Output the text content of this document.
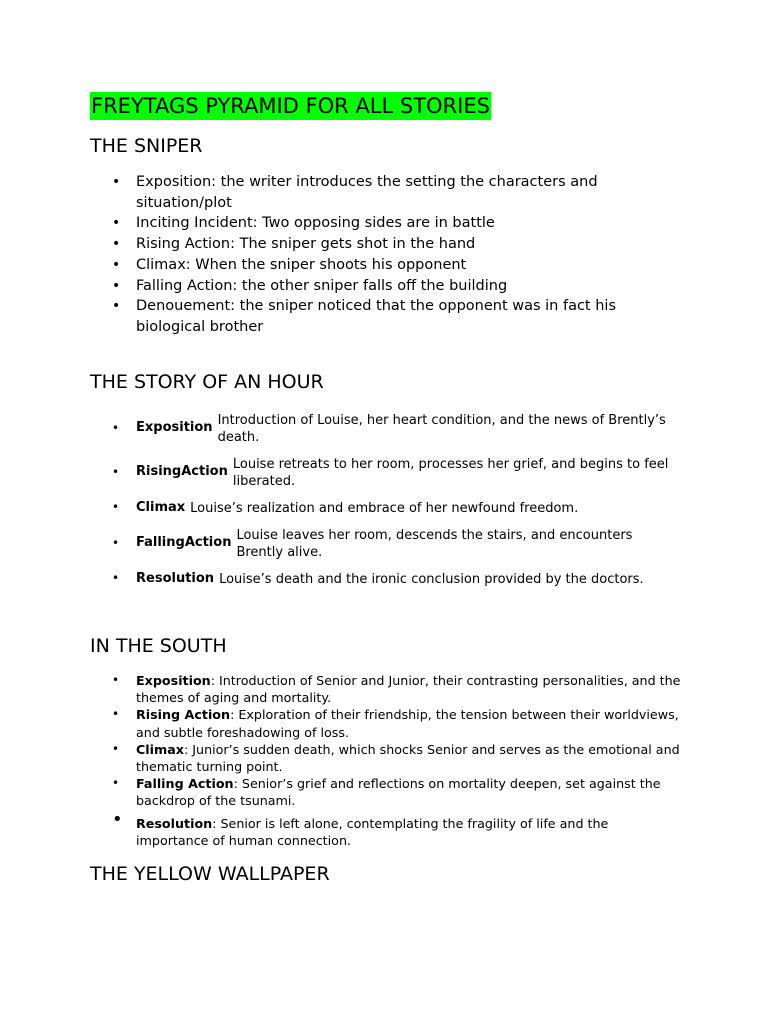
FREYTAGS PYRAMID FOR ALL STORIES
THE SNIPER
• Exposition: the writer introduces the setting the characters and situation/plot
• Inciting Incident: Two opposing sides are in battle
• Rising Action: The sniper gets shot in the hand
• Climax: When the sniper shoots his opponent
• Falling Action: the other sniper falls off the building
• Denouement: the sniper noticed that the opponent was in fact his biological brother
THE STORY OF AN HOUR
• Exposition Introduction of Louise, her heart condition, and the news of Brently’s death.
• RisingAction Louise retreats to her room, processes her grief, and begins to feel liberated.
• Climax Louise’s realization and embrace of her newfound freedom.
• FallingAction Louise leaves her room, descends the stairs, and encounters Brently alive.
• Resolution Louise’s death and the ironic conclusion provided by the doctors.
IN THE SOUTH
• Exposition: Introduction of Senior and Junior, their contrasting personalities, and the themes of aging and mortality.
• Rising Action: Exploration of their friendship, the tension between their worldviews, and subtle foreshadowing of loss.
• Climax: Junior’s sudden death, which shocks Senior and serves as the emotional and thematic turning point.
• Falling Action: Senior’s grief and reflections on mortality deepen, set against the backdrop of the tsunami.
• Resolution: Senior is left alone, contemplating the fragility of life and the importance of human connection.
THE YELLOW WALLPAPER
